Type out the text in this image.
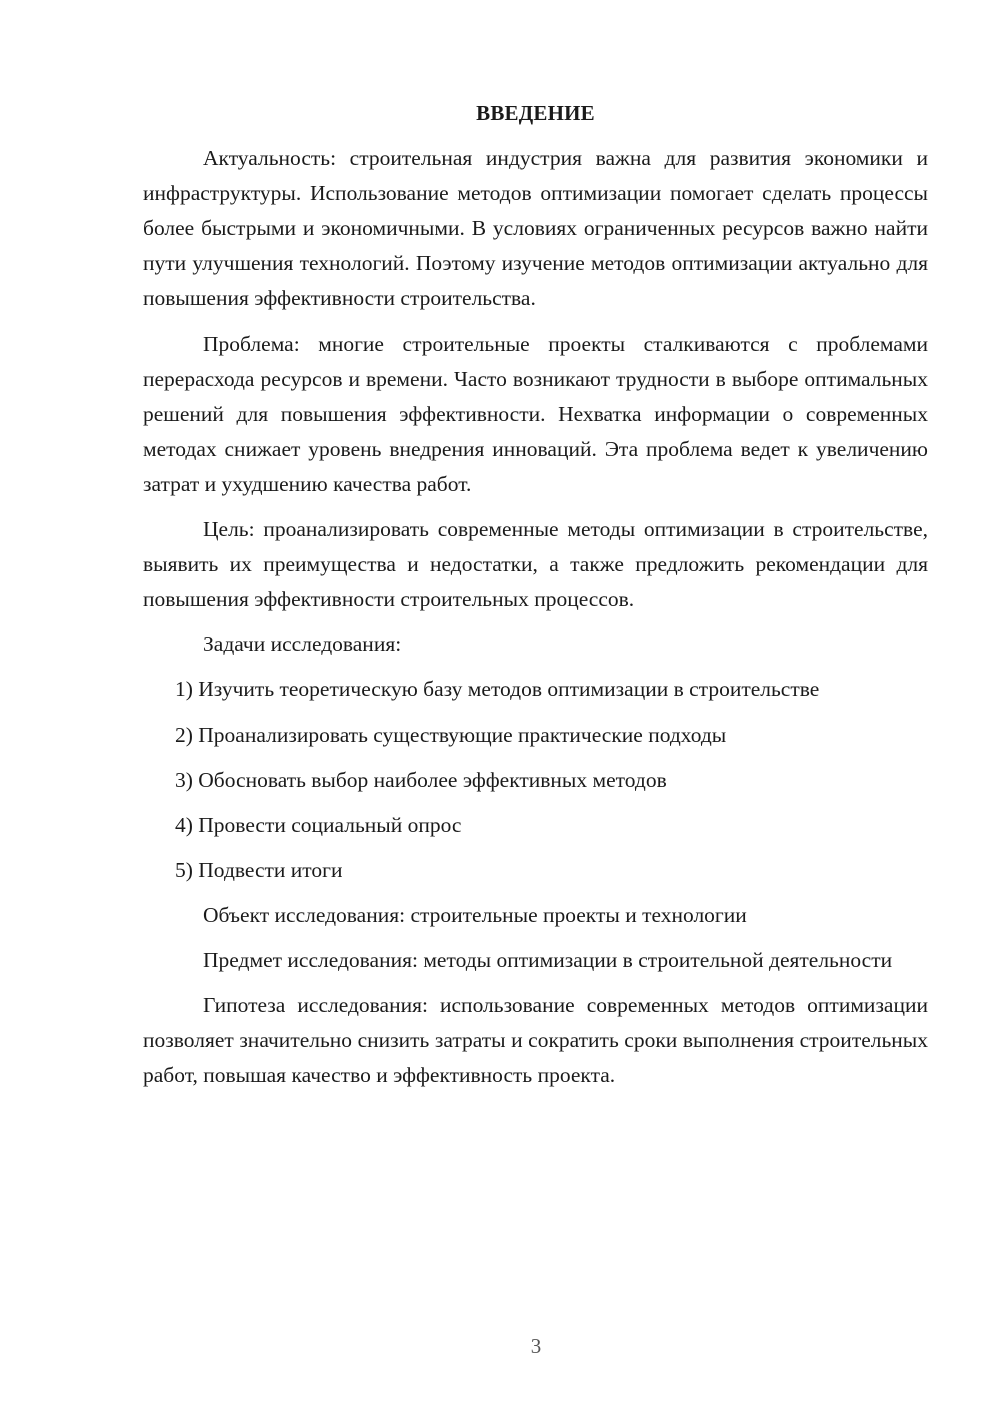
ВВЕДЕНИЕ

Актуальность: строительная индустрия важна для развития экономики и инфраструктуры. Использование методов оптимизации помогает сделать процессы более быстрыми и экономичными. В условиях ограниченных ресурсов важно найти пути улучшения технологий. Поэтому изучение методов оптимизации актуально для повышения эффективности строительства.

Проблема: многие строительные проекты сталкиваются с проблемами перерасхода ресурсов и времени. Часто возникают трудности в выборе оптимальных решений для повышения эффективности. Нехватка информации о современных методах снижает уровень внедрения инноваций. Эта проблема ведет к увеличению затрат и ухудшению качества работ.

Цель: проанализировать современные методы оптимизации в строительстве, выявить их преимущества и недостатки, а также предложить рекомендации для повышения эффективности строительных процессов.

Задачи исследования:
1) Изучить теоретическую базу методов оптимизации в строительстве
2) Проанализировать существующие практические подходы
3) Обосновать выбор наиболее эффективных методов
4) Провести социальный опрос
5) Подвести итоги
Объект исследования: строительные проекты и технологии

Предмет исследования: методы оптимизации в строительной деятельности

Гипотеза исследования: использование современных методов оптимизации позволяет значительно снизить затраты и сократить сроки выполнения строительных работ, повышая качество и эффективность проекта.

3
